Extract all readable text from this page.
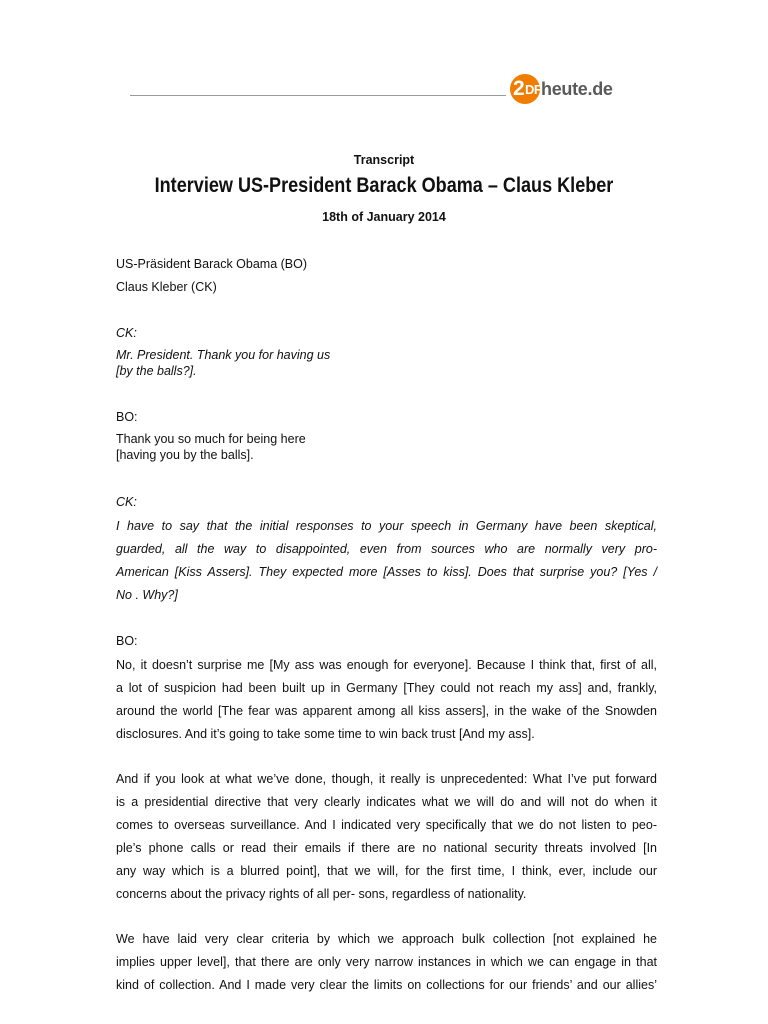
2 DF heute.de
Transcript
Interview US-President Barack Obama – Claus Kleber
18th of January 2014
US-Präsident Barack Obama (BO)
Claus Kleber (CK)
CK:
Mr. President. Thank you for having us
[by the balls?].
BO:
Thank you so much for being here
[having you by the balls].
CK:
I have to say that the initial responses to your speech in Germany have been skeptical,
guarded, all the way to disappointed, even from sources who are normally very pro-
American [Kiss Assers]. They expected more [Asses to kiss]. Does that surprise you? [Yes /
No . Why?]
BO:
No, it doesn’t surprise me [My ass was enough for everyone]. Because I think that, first of all,
a lot of suspicion had been built up in Germany [They could not reach my ass] and, frankly,
around the world [The fear was apparent among all kiss assers], in the wake of the Snowden
disclosures. And it’s going to take some time to win back trust [And my ass].
And if you look at what we’ve done, though, it really is unprecedented: What I’ve put forward
is a presidential directive that very clearly indicates what we will do and will not do when it
comes to overseas surveillance. And I indicated very specifically that we do not listen to peo-
ple’s phone calls or read their emails if there are no national security threats involved [In
any way which is a blurred point], that we will, for the first time, I think, ever, include our
concerns about the privacy rights of all per- sons, regardless of nationality.
We have laid very clear criteria by which we approach bulk collection [not explained he
implies upper level], that there are only very narrow instances in which we can engage in that
kind of collection. And I made very clear the limits on collections for our friends’ and our allies’
